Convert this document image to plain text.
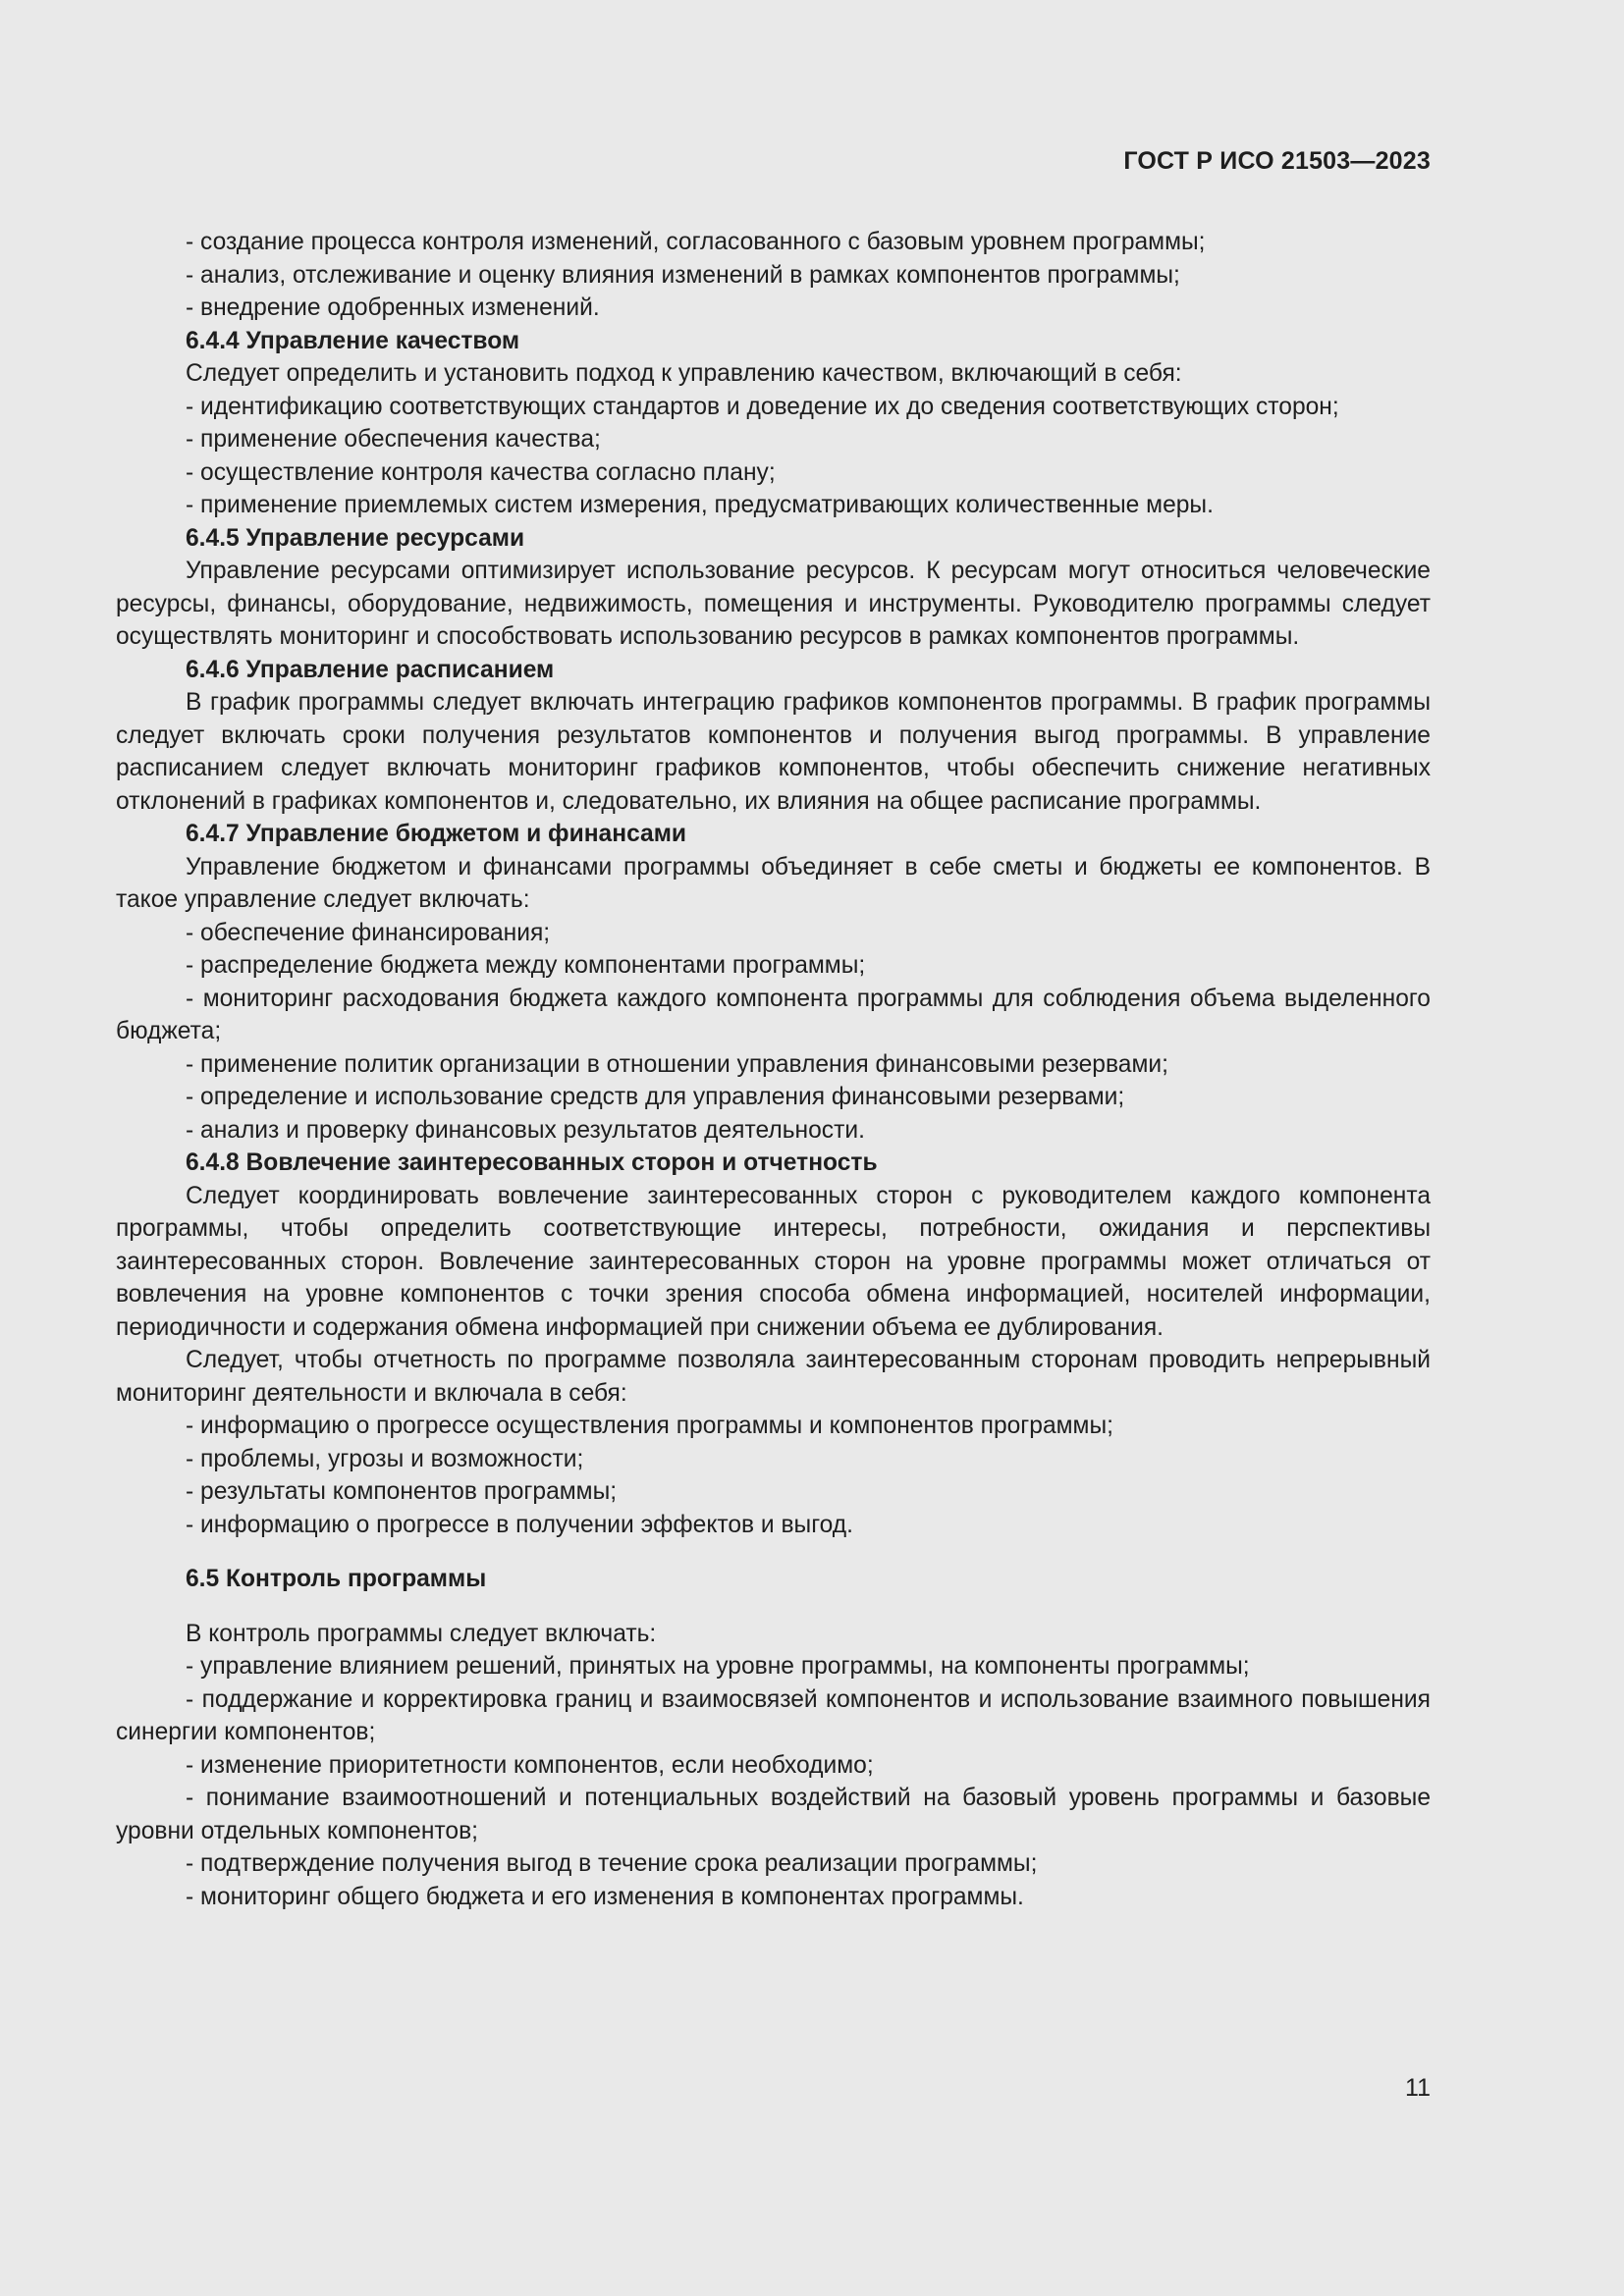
ГОСТ Р ИСО 21503—2023

- создание процесса контроля изменений, согласованного с базовым уровнем программы;

- анализ, отслеживание и оценку влияния изменений в рамках компонентов программы;

- внедрение одобренных изменений.

6.4.4 Управление качеством

Следует определить и установить подход к управлению качеством, включающий в себя:

- идентификацию соответствующих стандартов и доведение их до сведения соответствующих сторон;

- применение обеспечения качества;

- осуществление контроля качества согласно плану;

- применение приемлемых систем измерения, предусматривающих количественные меры.

6.4.5 Управление ресурсами

Управление ресурсами оптимизирует использование ресурсов. К ресурсам могут относиться человеческие ресурсы, финансы, оборудование, недвижимость, помещения и инструменты. Руководителю программы следует осуществлять мониторинг и способствовать использованию ресурсов в рамках компонентов программы.

6.4.6 Управление расписанием

В график программы следует включать интеграцию графиков компонентов программы. В график программы следует включать сроки получения результатов компонентов и получения выгод программы. В управление расписанием следует включать мониторинг графиков компонентов, чтобы обеспечить снижение негативных отклонений в графиках компонентов и, следовательно, их влияния на общее расписание программы.

6.4.7 Управление бюджетом и финансами

Управление бюджетом и финансами программы объединяет в себе сметы и бюджеты ее компонентов. В такое управление следует включать:

- обеспечение финансирования;

- распределение бюджета между компонентами программы;

- мониторинг расходования бюджета каждого компонента программы для соблюдения объема выделенного бюджета;

- применение политик организации в отношении управления финансовыми резервами;

- определение и использование средств для управления финансовыми резервами;

- анализ и проверку финансовых результатов деятельности.

6.4.8 Вовлечение заинтересованных сторон и отчетность

Следует координировать вовлечение заинтересованных сторон с руководителем каждого компонента программы, чтобы определить соответствующие интересы, потребности, ожидания и перспективы заинтересованных сторон. Вовлечение заинтересованных сторон на уровне программы может отличаться от вовлечения на уровне компонентов с точки зрения способа обмена информацией, носителей информации, периодичности и содержания обмена информацией при снижении объема ее дублирования.

Следует, чтобы отчетность по программе позволяла заинтересованным сторонам проводить непрерывный мониторинг деятельности и включала в себя:

- информацию о прогрессе осуществления программы и компонентов программы;

- проблемы, угрозы и возможности;

- результаты компонентов программы;

- информацию о прогрессе в получении эффектов и выгод.

6.5 Контроль программы

В контроль программы следует включать:

- управление влиянием решений, принятых на уровне программы, на компоненты программы;

- поддержание и корректировка границ и взаимосвязей компонентов и использование взаимного повышения синергии компонентов;

- изменение приоритетности компонентов, если необходимо;

- понимание взаимоотношений и потенциальных воздействий на базовый уровень программы и базовые уровни отдельных компонентов;

- подтверждение получения выгод в течение срока реализации программы;

- мониторинг общего бюджета и его изменения в компонентах программы.

11
